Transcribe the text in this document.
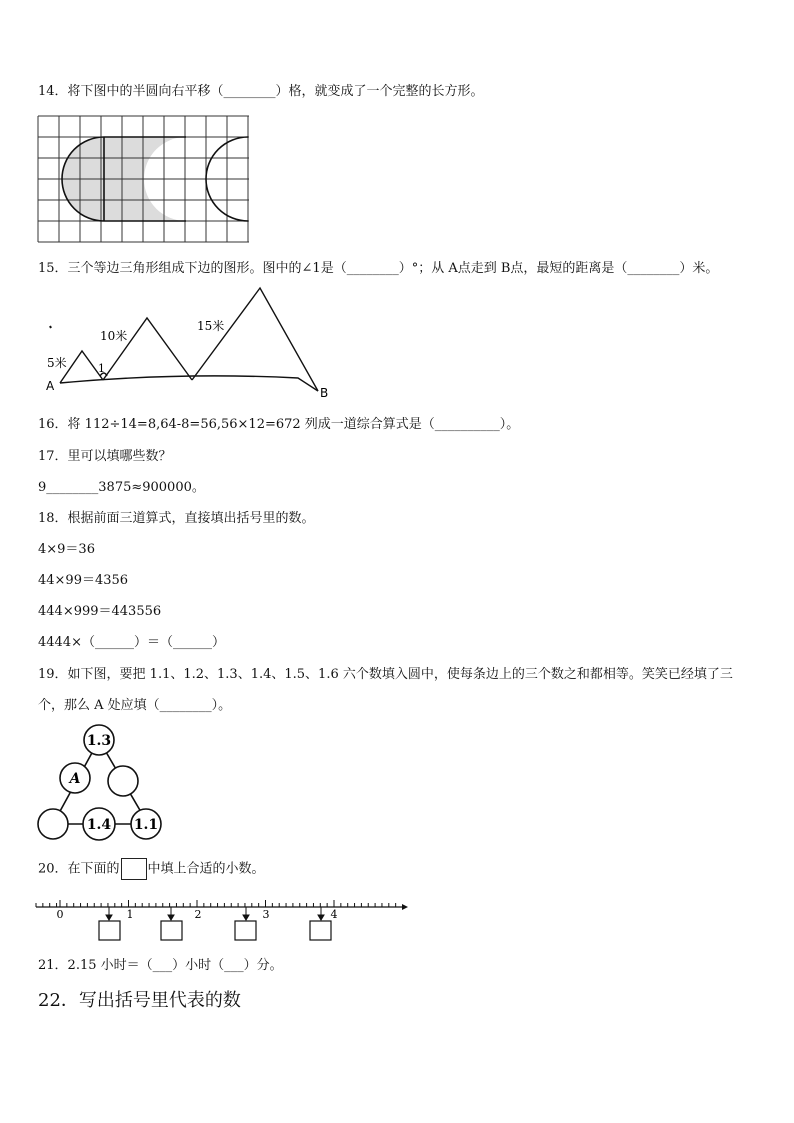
14．将下图中的半圆向右平移（________）格，就变成了一个完整的长方形。
15．三个等边三角形组成下边的图形。图中的∠1是（________）°；从 A点走到 B点，最短的距离是（________）米。
5米
10米
15米
1
A	B
16．将 112÷14=8,64-8=56,56×12=672 列成一道综合算式是（__________）。
17．里可以填哪些数？
9________3875≈900000。
18．根据前面三道算式，直接填出括号里的数。
4×9＝36
44×99＝4356
444×999＝443556
4444×（______）＝（______）
19．如下图，要把 1.1、1.2、1.3、1.4、1.5、1.6 六个数填入圆中，使每条边上的三个数之和都相等。笑笑已经填了三
个，那么 A 处应填（________）。
1.3
A
1.4 1.1
20．在下面的 中填上合适的小数。
0	1	2	3	4
21．2.15 小时＝（___）小时（___）分。
22．写出括号里代表的数
